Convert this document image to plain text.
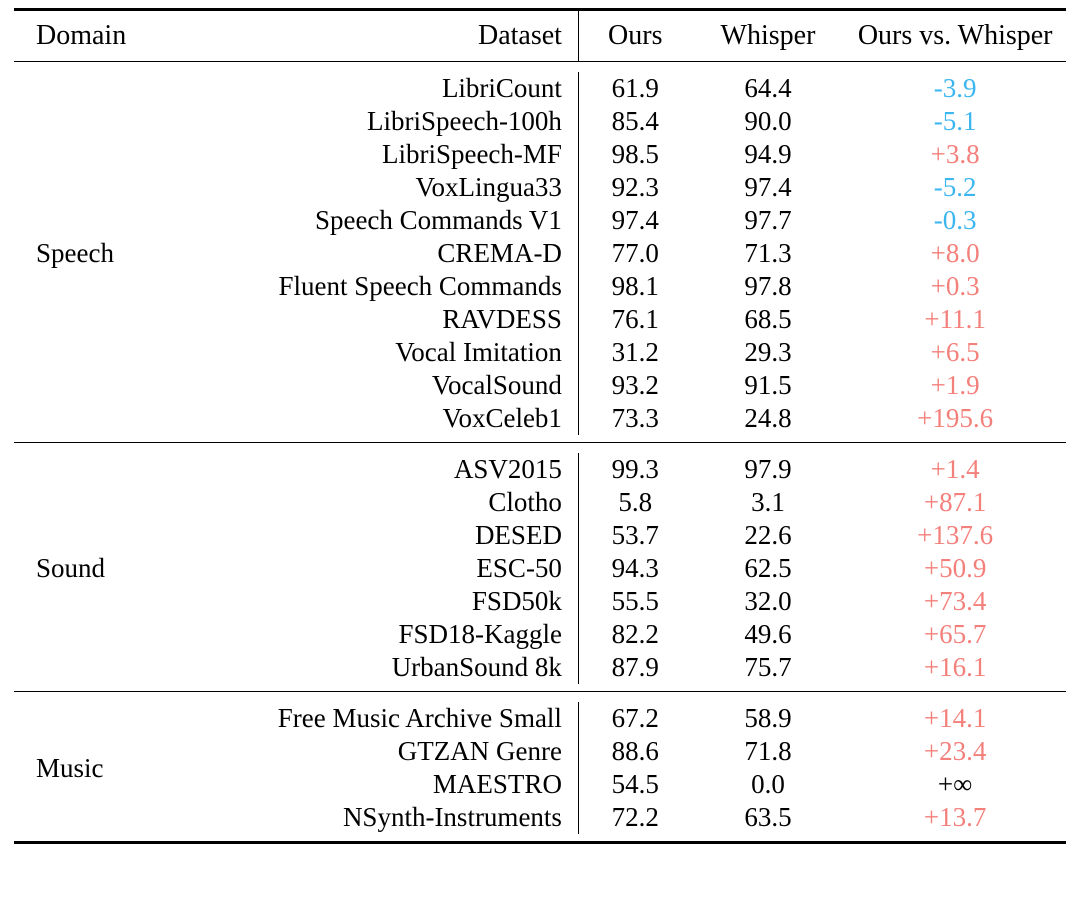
Domain	Dataset	Ours	Whisper	Ours vs. Whisper

Speech	LibriCount	61.9	64.4	-3.9
	LibriSpeech-100h	85.4	90.0	-5.1
	LibriSpeech-MF	98.5	94.9	+3.8
	VoxLingua33	92.3	97.4	-5.2
	Speech Commands V1	97.4	97.7	-0.3
	CREMA-D	77.0	71.3	+8.0
	Fluent Speech Commands	98.1	97.8	+0.3
	RAVDESS	76.1	68.5	+11.1
	Vocal Imitation	31.2	29.3	+6.5
	VocalSound	93.2	91.5	+1.9
	VoxCeleb1	73.3	24.8	+195.6

Sound	ASV2015	99.3	97.9	+1.4
	Clotho	5.8	3.1	+87.1
	DESED	53.7	22.6	+137.6
	ESC-50	94.3	62.5	+50.9
	FSD50k	55.5	32.0	+73.4
	FSD18-Kaggle	82.2	49.6	+65.7
	UrbanSound 8k	87.9	75.7	+16.1

Music	Free Music Archive Small	67.2	58.9	+14.1
	GTZAN Genre	88.6	71.8	+23.4
	MAESTRO	54.5	0.0	+∞
	NSynth-Instruments	72.2	63.5	+13.7
